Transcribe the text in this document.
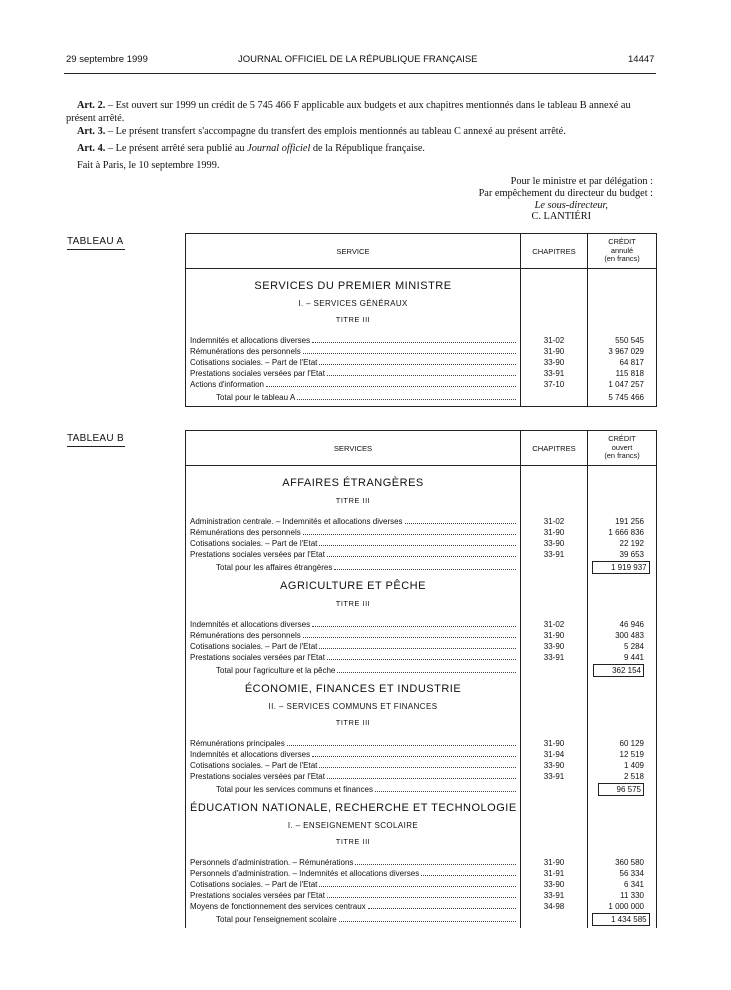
29 septembre 1999	JOURNAL OFFICIEL DE LA RÉPUBLIQUE FRANÇAISE	14447
Art. 2. – Est ouvert sur 1999 un crédit de 5 745 466 F applicable aux budgets et aux chapitres mentionnés dans le tableau B annexé au présent arrêté.
Art. 3. – Le présent transfert s'accompagne du transfert des emplois mentionnés au tableau C annexé au présent arrêté.
Art. 4. – Le présent arrêté sera publié au Journal officiel de la République française.
Fait à Paris, le 10 septembre 1999.
Pour le ministre et par délégation :
Par empêchement du directeur du budget :
Le sous-directeur,
C. LANTIÉRI
TABLEAU A
SERVICE	CHAPITRES	CRÉDIT
annulé
(en francs)

SERVICES DU PREMIER MINISTRE		
I. – SERVICES GÉNÉRAUX		
TITRE III		

Indemnités et allocations diverses	31-02	550 545

Rémunérations des personnels	31-90	3 967 029

Cotisations sociales. – Part de l'Etat	33-90	64 817

Prestations sociales versées par l'Etat	33-91	115 818

Actions d'information	37-10	1 047 257

Total pour le tableau A		5 745 466
TABLEAU B
SERVICES	CHAPITRES	CRÉDIT
ouvert
(en francs)

AFFAIRES ÉTRANGÈRES		
TITRE III		

Administration centrale. – Indemnités et allocations diverses	31-02	191 256

Rémunérations des personnels	31-90	1 666 836

Cotisations sociales. – Part de l'Etat	33-90	22 192

Prestations sociales versées par l'Etat	33-91	39 653

Total pour les affaires étrangères		1 919 937
AGRICULTURE ET PÊCHE		
TITRE III		

Indemnités et allocations diverses	31-02	46 946

Rémunérations des personnels	31-90	300 483

Cotisations sociales. – Part de l'Etat	33-90	5 284

Prestations sociales versées par l'Etat	33-91	9 441

Total pour l'agriculture et la pêche		362 154
ÉCONOMIE, FINANCES ET INDUSTRIE		
II. – SERVICES COMMUNS ET FINANCES		
TITRE III		

Rémunérations principales	31-90	60 129

Indemnités et allocations diverses	31-94	12 519

Cotisations sociales. – Part de l'Etat	33-90	1 409

Prestations sociales versées par l'Etat	33-91	2 518

Total pour les services communs et finances		96 575
ÉDUCATION NATIONALE, RECHERCHE ET TECHNOLOGIE		
I. – ENSEIGNEMENT SCOLAIRE		
TITRE III		

Personnels d'administration. – Rémunérations	31-90	360 580

Personnels d'administration. – Indemnités et allocations diverses	31-91	56 334

Cotisations sociales. – Part de l'Etat	33-90	6 341

Prestations sociales versées par l'Etat	33-91	11 330

Moyens de fonctionnement des services centraux	34-98	1 000 000

Total pour l'enseignement scolaire		1 434 585
